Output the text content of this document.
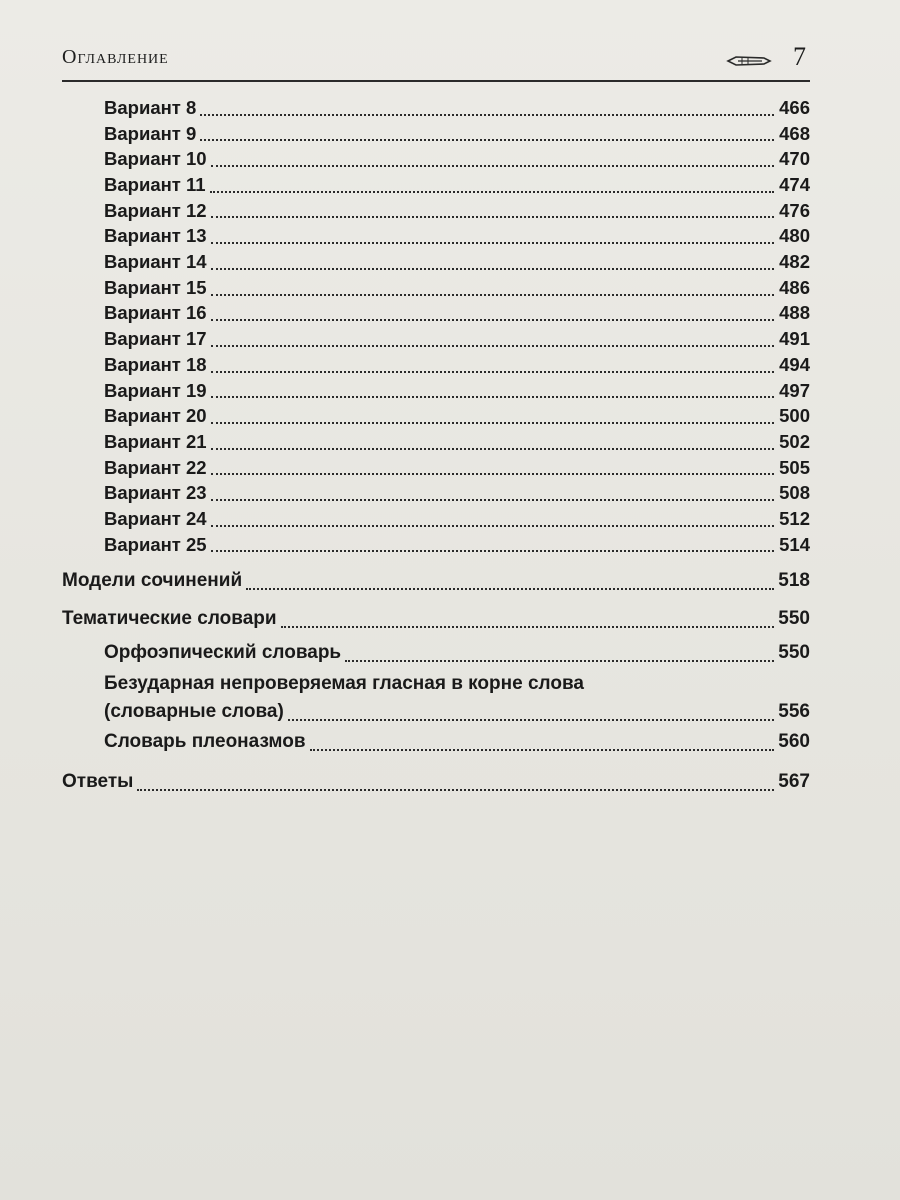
Оглавление	7
Вариант 8	466
Вариант 9	468
Вариант 10	470
Вариант 11	474
Вариант 12	476
Вариант 13	480
Вариант 14	482
Вариант 15	486
Вариант 16	488
Вариант 17	491
Вариант 18	494
Вариант 19	497
Вариант 20	500
Вариант 21	502
Вариант 22	505
Вариант 23	508
Вариант 24	512
Вариант 25	514
Модели сочинений	518
Тематические словари	550
Орфоэпический словарь	550
Безударная непроверяемая гласная в корне слова
(словарные слова)	556
Словарь плеоназмов	560
Ответы	567
